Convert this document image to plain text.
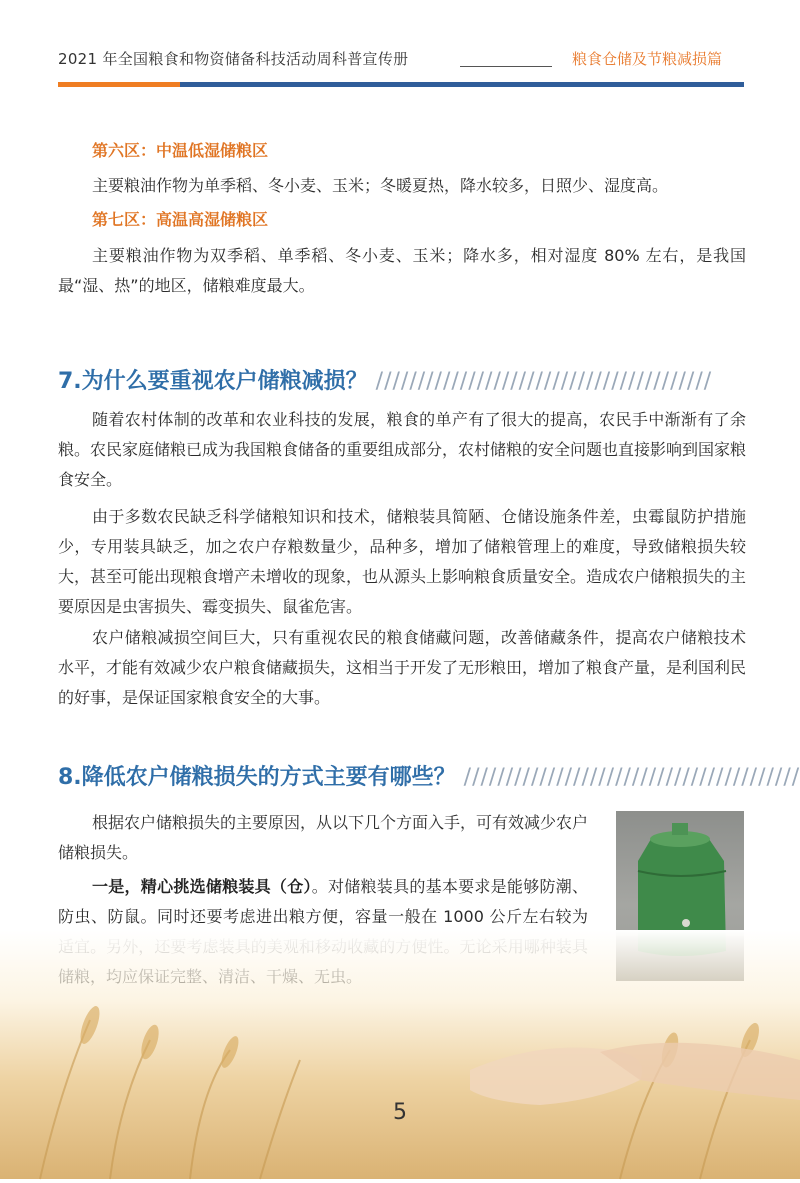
2021 年全国粮食和物资储备科技活动周科普宣传册	粮食仓储及节粮减损篇

第六区：中温低湿储粮区

主要粮油作物为单季稻、冬小麦、玉米；冬暖夏热，降水较多，日照少、湿度高。

第七区：高温高湿储粮区

主要粮油作物为双季稻、单季稻、冬小麦、玉米；降水多，相对湿度 80% 左右，是我国最“湿、热”的地区，储粮难度最大。

7.为什么要重视农户储粮减损？ ////////////////////////////////////////

随着农村体制的改革和农业科技的发展，粮食的单产有了很大的提高，农民手中渐渐有了余粮。农民家庭储粮已成为我国粮食储备的重要组成部分，农村储粮的安全问题也直接影响到国家粮食安全。

由于多数农民缺乏科学储粮知识和技术，储粮装具简陋、仓储设施条件差，虫霉鼠防护措施少，专用装具缺乏，加之农户存粮数量少，品种多，增加了储粮管理上的难度，导致储粮损失较大，甚至可能出现粮食增产未增收的现象，也从源头上影响粮食质量安全。造成农户储粮损失的主要原因是虫害损失、霉变损失、鼠雀危害。

农户储粮减损空间巨大，只有重视农民的粮食储藏问题，改善储藏条件，提高农户储粮技术水平，才能有效减少农户粮食储藏损失，这相当于开发了无形粮田，增加了粮食产量，是利国利民的好事，是保证国家粮食安全的大事。

8.降低农户储粮损失的方式主要有哪些？ ////////////////////////////////////////

根据农户储粮损失的主要原因，从以下几个方面入手，可有效减少农户储粮损失。

一是，精心挑选储粮装具（仓）。对储粮装具的基本要求是能够防潮、防虫、防鼠。同时还要考虑进出粮方便，容量一般在 1000 公斤左右较为

5
